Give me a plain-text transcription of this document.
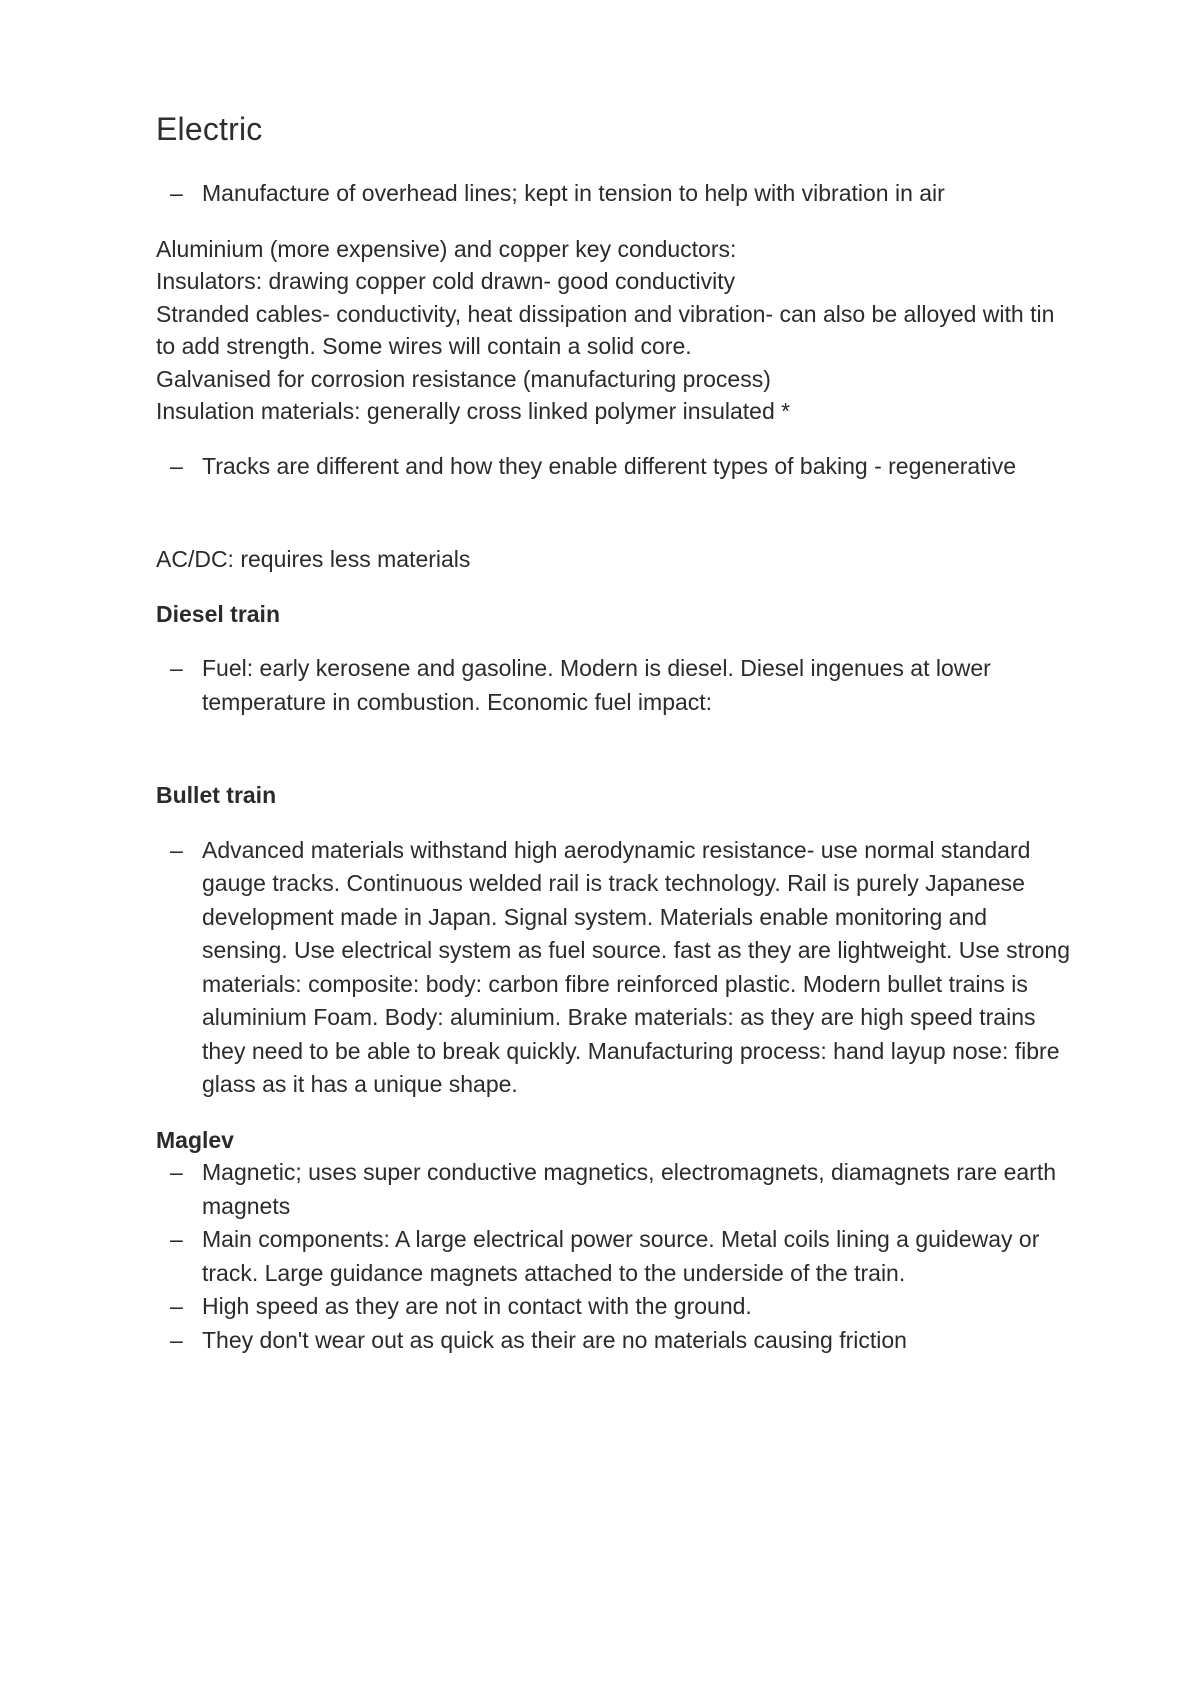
Electric
– Manufacture of overhead lines; kept in tension to help with vibration in air

Aluminium (more expensive) and copper key conductors:

Insulators: drawing copper cold drawn- good conductivity

Stranded cables- conductivity, heat dissipation and vibration- can also be alloyed with tin to add strength. Some wires will contain a solid core.

Galvanised for corrosion resistance (manufacturing process)

Insulation materials: generally cross linked polymer insulated *

– Tracks are different and how they enable different types of baking - regenerative

AC/DC: requires less materials

Diesel train

– Fuel: early kerosene and gasoline. Modern is diesel. Diesel ingenues at lower temperature in combustion. Economic fuel impact:

Bullet train

– Advanced materials withstand high aerodynamic resistance- use normal standard gauge tracks. Continuous welded rail is track technology. Rail is purely Japanese development made in Japan. Signal system. Materials enable monitoring and sensing. Use electrical system as fuel source. fast as they are lightweight. Use strong materials: composite: body: carbon fibre reinforced plastic. Modern bullet trains is aluminium Foam. Body: aluminium. Brake materials: as they are high speed trains they need to be able to break quickly. Manufacturing process: hand layup nose: fibre glass as it has a unique shape.

Maglev

– Magnetic; uses super conductive magnetics, electromagnets, diamagnets rare earth magnets
– Main components: A large electrical power source. Metal coils lining a guideway or track. Large guidance magnets attached to the underside of the train.
– High speed as they are not in contact with the ground.
– They don't wear out as quick as their are no materials causing friction
